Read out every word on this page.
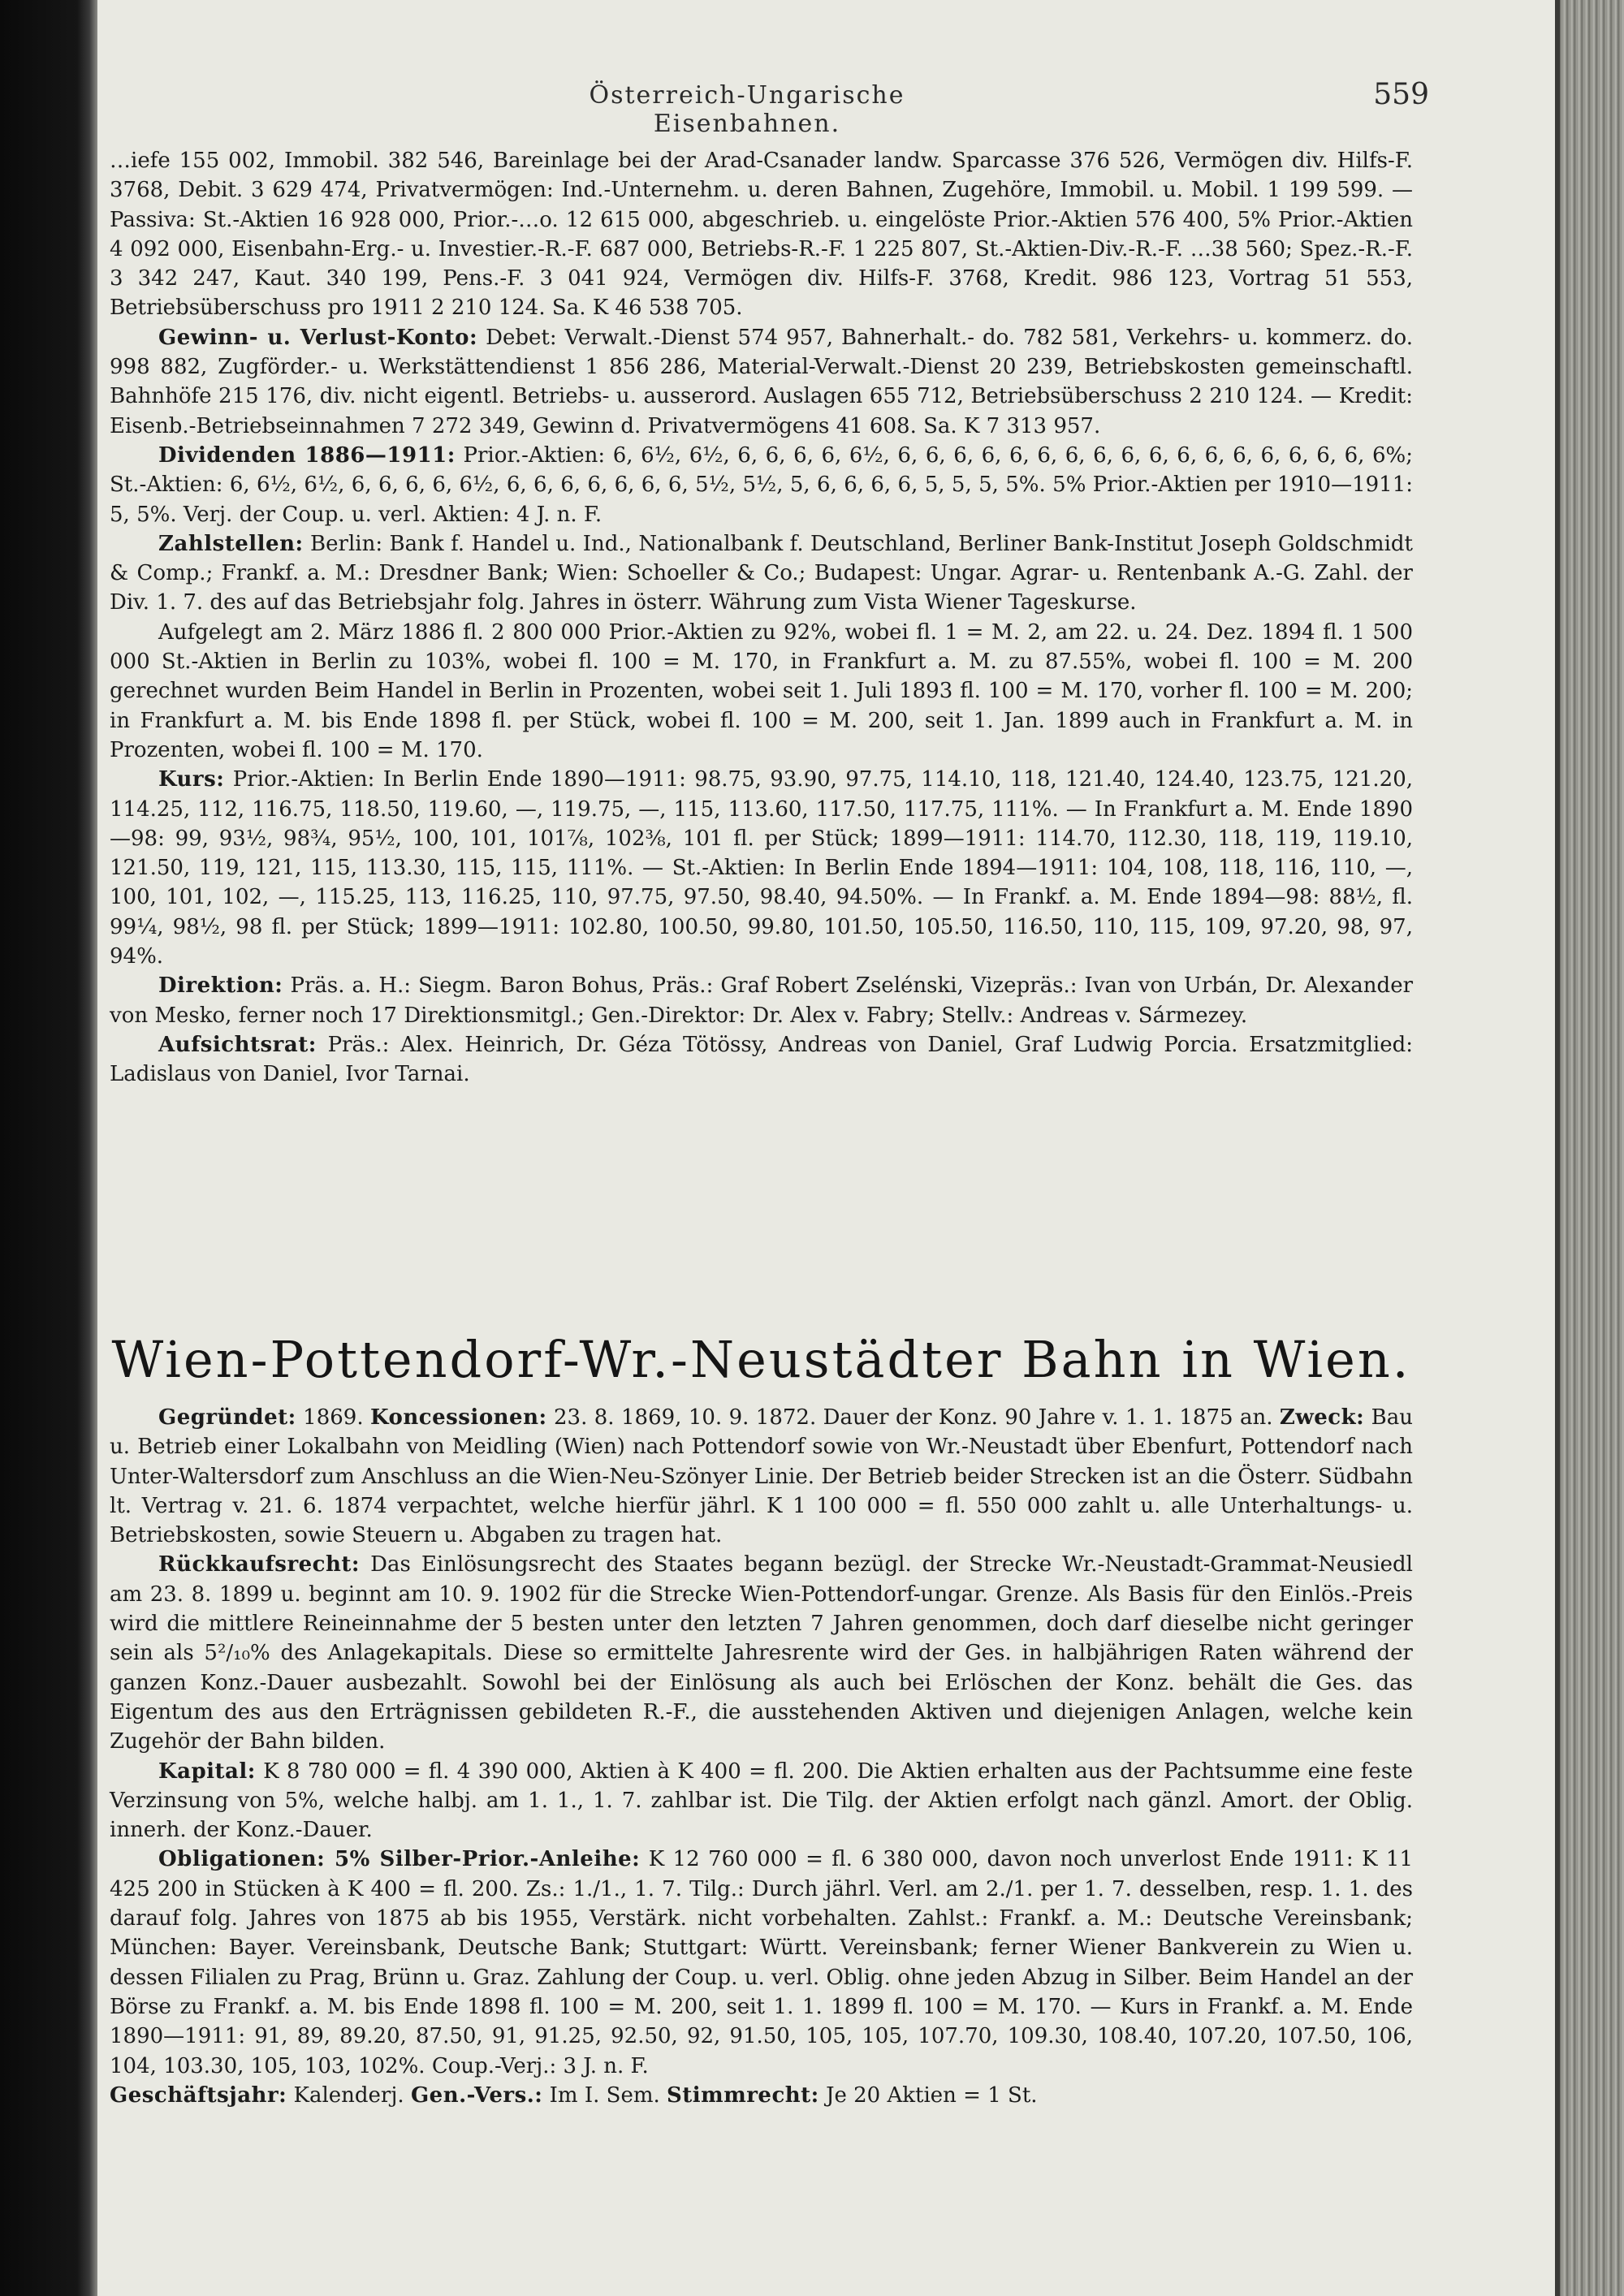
Österreich-Ungarische Eisenbahnen.
559

…iefe 155 002, Immobil. 382 546, Bareinlage bei der Arad-Csanader landw. Sparcasse 376 526, Vermögen div. Hilfs-F. 3768, Debit. 3 629 474, Privatvermögen: Ind.-Unternehm. u. deren Bahnen, Zugehöre, Immobil. u. Mobil. 1 199 599. — Passiva: St.-Aktien 16 928 000, Prior.-…o. 12 615 000, abgeschrieb. u. eingelöste Prior.-Aktien 576 400, 5% Prior.-Aktien 4 092 000, Eisenbahn-Erg.- u. Investier.-R.-F. 687 000, Betriebs-R.-F. 1 225 807, St.-Aktien-Div.-R.-F. …38 560; Spez.-R.-F. 3 342 247, Kaut. 340 199, Pens.-F. 3 041 924, Vermögen div. Hilfs-F. 3768, Kredit. 986 123, Vortrag 51 553, Betriebsüberschuss pro 1911 2 210 124. Sa. K 46 538 705.

Gewinn- u. Verlust-Konto: Debet: Verwalt.-Dienst 574 957, Bahnerhalt.- do. 782 581, Verkehrs- u. kommerz. do. 998 882, Zugförder.- u. Werkstättendienst 1 856 286, Material-Verwalt.-Dienst 20 239, Betriebskosten gemeinschaftl. Bahnhöfe 215 176, div. nicht eigentl. Betriebs- u. ausserord. Auslagen 655 712, Betriebsüberschuss 2 210 124. — Kredit: Eisenb.-Betriebseinnahmen 7 272 349, Gewinn d. Privatvermögens 41 608. Sa. K 7 313 957.

Dividenden 1886—1911: Prior.-Aktien: 6, 6½, 6½, 6, 6, 6, 6, 6½, 6, 6, 6, 6, 6, 6, 6, 6, 6, 6, 6, 6, 6, 6, 6, 6, 6, 6%; St.-Aktien: 6, 6½, 6½, 6, 6, 6, 6, 6½, 6, 6, 6, 6, 6, 6, 6, 5½, 5½, 5, 6, 6, 6, 6, 5, 5, 5, 5%. 5% Prior.-Aktien per 1910—1911: 5, 5%. Verj. der Coup. u. verl. Aktien: 4 J. n. F.

Zahlstellen: Berlin: Bank f. Handel u. Ind., Nationalbank f. Deutschland, Berliner Bank-Institut Joseph Goldschmidt & Comp.; Frankf. a. M.: Dresdner Bank; Wien: Schoeller & Co.; Budapest: Ungar. Agrar- u. Rentenbank A.-G. Zahl. der Div. 1. 7. des auf das Betriebsjahr folg. Jahres in österr. Währung zum Vista Wiener Tageskurse.

Aufgelegt am 2. März 1886 fl. 2 800 000 Prior.-Aktien zu 92%, wobei fl. 1 = M. 2, am 22. u. 24. Dez. 1894 fl. 1 500 000 St.-Aktien in Berlin zu 103%, wobei fl. 100 = M. 170, in Frankfurt a. M. zu 87.55%, wobei fl. 100 = M. 200 gerechnet wurden Beim Handel in Berlin in Prozenten, wobei seit 1. Juli 1893 fl. 100 = M. 170, vorher fl. 100 = M. 200; in Frankfurt a. M. bis Ende 1898 fl. per Stück, wobei fl. 100 = M. 200, seit 1. Jan. 1899 auch in Frankfurt a. M. in Prozenten, wobei fl. 100 = M. 170.

Kurs: Prior.-Aktien: In Berlin Ende 1890—1911: 98.75, 93.90, 97.75, 114.10, 118, 121.40, 124.40, 123.75, 121.20, 114.25, 112, 116.75, 118.50, 119.60, —, 119.75, —, 115, 113.60, 117.50, 117.75, 111%. — In Frankfurt a. M. Ende 1890—98: 99, 93½, 98¾, 95½, 100, 101, 101⅞, 102⅜, 101 fl. per Stück; 1899—1911: 114.70, 112.30, 118, 119, 119.10, 121.50, 119, 121, 115, 113.30, 115, 115, 111%. — St.-Aktien: In Berlin Ende 1894—1911: 104, 108, 118, 116, 110, —, 100, 101, 102, —, 115.25, 113, 116.25, 110, 97.75, 97.50, 98.40, 94.50%. — In Frankf. a. M. Ende 1894—98: 88½, fl. 99¼, 98½, 98 fl. per Stück; 1899—1911: 102.80, 100.50, 99.80, 101.50, 105.50, 116.50, 110, 115, 109, 97.20, 98, 97, 94%.

Direktion: Präs. a. H.: Siegm. Baron Bohus, Präs.: Graf Robert Zselénski, Vizepräs.: Ivan von Urbán, Dr. Alexander von Mesko, ferner noch 17 Direktionsmitgl.; Gen.-Direktor: Dr. Alex v. Fabry; Stellv.: Andreas v. Sármezey.

Aufsichtsrat: Präs.: Alex. Heinrich, Dr. Géza Tötössy, Andreas von Daniel, Graf Ludwig Porcia. Ersatzmitglied: Ladislaus von Daniel, Ivor Tarnai.

Wien-Pottendorf-Wr.-Neustädter Bahn in Wien.

Gegründet: 1869. Koncessionen: 23. 8. 1869, 10. 9. 1872. Dauer der Konz. 90 Jahre v. 1. 1. 1875 an. Zweck: Bau u. Betrieb einer Lokalbahn von Meidling (Wien) nach Pottendorf sowie von Wr.-Neustadt über Ebenfurt, Pottendorf nach Unter-Waltersdorf zum Anschluss an die Wien-Neu-Szönyer Linie. Der Betrieb beider Strecken ist an die Österr. Südbahn lt. Vertrag v. 21. 6. 1874 verpachtet, welche hierfür jährl. K 1 100 000 = fl. 550 000 zahlt u. alle Unterhaltungs- u. Betriebskosten, sowie Steuern u. Abgaben zu tragen hat.

Rückkaufsrecht: Das Einlösungsrecht des Staates begann bezügl. der Strecke Wr.-Neustadt-Grammat-Neusiedl am 23. 8. 1899 u. beginnt am 10. 9. 1902 für die Strecke Wien-Pottendorf-ungar. Grenze. Als Basis für den Einlös.-Preis wird die mittlere Reineinnahme der 5 besten unter den letzten 7 Jahren genommen, doch darf dieselbe nicht geringer sein als 5²/₁₀% des Anlagekapitals. Diese so ermittelte Jahresrente wird der Ges. in halbjährigen Raten während der ganzen Konz.-Dauer ausbezahlt. Sowohl bei der Einlösung als auch bei Erlöschen der Konz. behält die Ges. das Eigentum des aus den Erträgnissen gebildeten R.-F., die ausstehenden Aktiven und diejenigen Anlagen, welche kein Zugehör der Bahn bilden.

Kapital: K 8 780 000 = fl. 4 390 000, Aktien à K 400 = fl. 200. Die Aktien erhalten aus der Pachtsumme eine feste Verzinsung von 5%, welche halbj. am 1. 1., 1. 7. zahlbar ist. Die Tilg. der Aktien erfolgt nach gänzl. Amort. der Oblig. innerh. der Konz.-Dauer.

Obligationen: 5% Silber-Prior.-Anleihe: K 12 760 000 = fl. 6 380 000, davon noch unverlost Ende 1911: K 11 425 200 in Stücken à K 400 = fl. 200. Zs.: 1./1., 1. 7. Tilg.: Durch jährl. Verl. am 2./1. per 1. 7. desselben, resp. 1. 1. des darauf folg. Jahres von 1875 ab bis 1955, Verstärk. nicht vorbehalten. Zahlst.: Frankf. a. M.: Deutsche Vereinsbank; München: Bayer. Vereinsbank, Deutsche Bank; Stuttgart: Württ. Vereinsbank; ferner Wiener Bankverein zu Wien u. dessen Filialen zu Prag, Brünn u. Graz. Zahlung der Coup. u. verl. Oblig. ohne jeden Abzug in Silber. Beim Handel an der Börse zu Frankf. a. M. bis Ende 1898 fl. 100 = M. 200, seit 1. 1. 1899 fl. 100 = M. 170. — Kurs in Frankf. a. M. Ende 1890—1911: 91, 89, 89.20, 87.50, 91, 91.25, 92.50, 92, 91.50, 105, 105, 107.70, 109.30, 108.40, 107.20, 107.50, 106, 104, 103.30, 105, 103, 102%. Coup.-Verj.: 3 J. n. F.

Geschäftsjahr: Kalenderj. Gen.-Vers.: Im I. Sem. Stimmrecht: Je 20 Aktien = 1 St.
